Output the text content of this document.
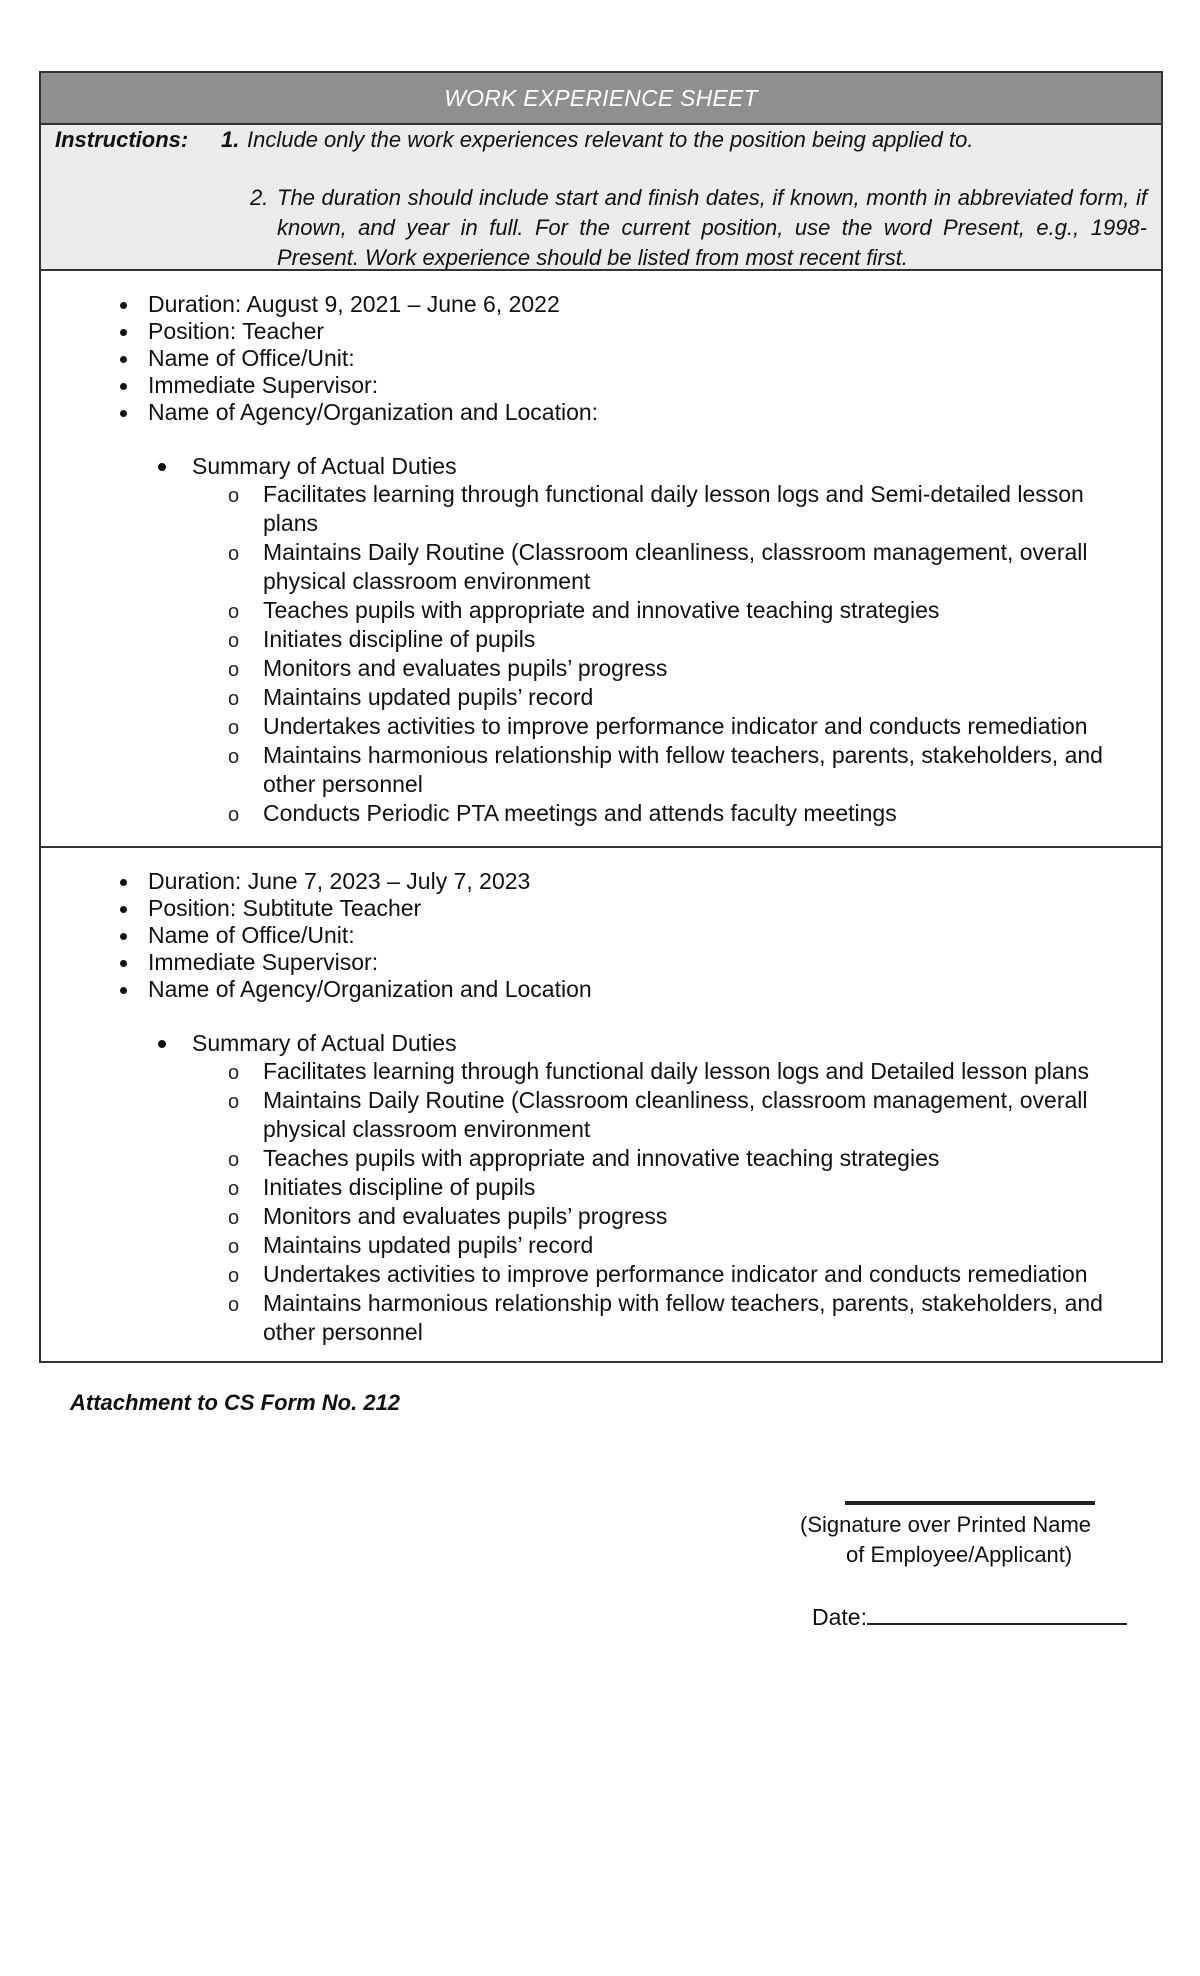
WORK EXPERIENCE SHEET
Instructions:	1. Include only the work experiences relevant to the position being applied to.
2. The duration should include start and finish dates, if known, month in abbreviated form, if known, and year in full. For the current position, use the word Present, e.g., 1998-Present. Work experience should be listed from most recent first.
Duration: August 9, 2021 – June 6, 2022
Position: Teacher
Name of Office/Unit:
Immediate Supervisor:
Name of Agency/Organization and Location:
Summary of Actual Duties
o Facilitates learning through functional daily lesson logs and Semi-detailed lesson plans
o Maintains Daily Routine (Classroom cleanliness, classroom management, overall physical classroom environment
o Teaches pupils with appropriate and innovative teaching strategies
o Initiates discipline of pupils
o Monitors and evaluates pupils’ progress
o Maintains updated pupils’ record
o Undertakes activities to improve performance indicator and conducts remediation
o Maintains harmonious relationship with fellow teachers, parents, stakeholders, and other personnel
o Conducts Periodic PTA meetings and attends faculty meetings
Duration: June 7, 2023 – July 7, 2023
Position: Subtitute Teacher
Name of Office/Unit:
Immediate Supervisor:
Name of Agency/Organization and Location
Summary of Actual Duties
o Facilitates learning through functional daily lesson logs and Detailed lesson plans
o Maintains Daily Routine (Classroom cleanliness, classroom management, overall physical classroom environment
o Teaches pupils with appropriate and innovative teaching strategies
o Initiates discipline of pupils
o Monitors and evaluates pupils’ progress
o Maintains updated pupils’ record
o Undertakes activities to improve performance indicator and conducts remediation
o Maintains harmonious relationship with fellow teachers, parents, stakeholders, and other personnel
Attachment to CS Form No. 212
(Signature over Printed Name
of Employee/Applicant)
Date:
